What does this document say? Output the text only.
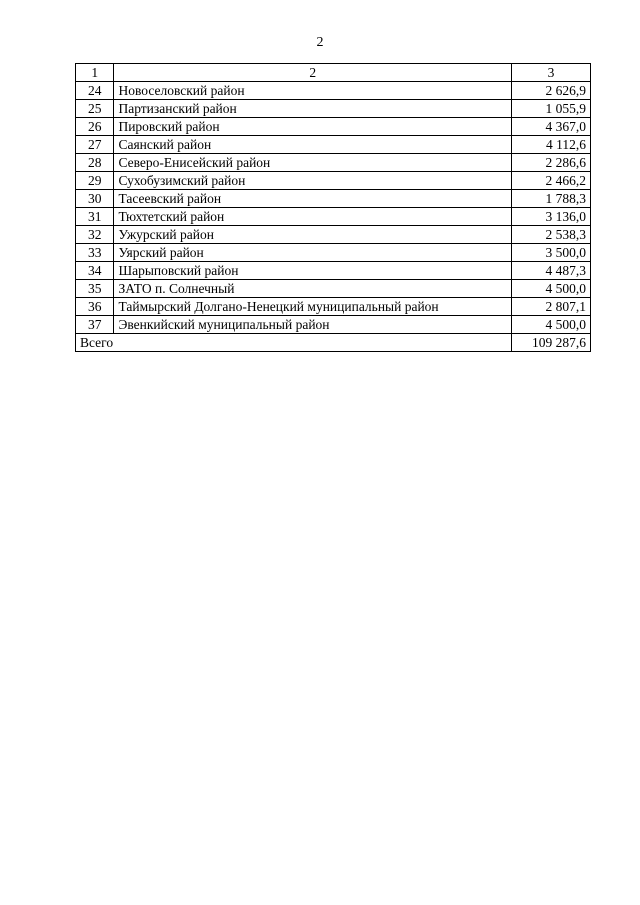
2
1	2	3
24	Новоселовский район	2 626,9
25	Партизанский район	1 055,9
26	Пировский район	4 367,0
27	Саянский район	4 112,6
28	Северо-Енисейский район	2 286,6
29	Сухобузимский район	2 466,2
30	Тасеевский район	1 788,3
31	Тюхтетский район	3 136,0
32	Ужурский район	2 538,3
33	Уярский район	3 500,0
34	Шарыповский район	4 487,3
35	ЗАТО п. Солнечный	4 500,0
36	Таймырский Долгано-Ненецкий муниципальный район	2 807,1
37	Эвенкийский муниципальный район	4 500,0
Всего		109 287,6
